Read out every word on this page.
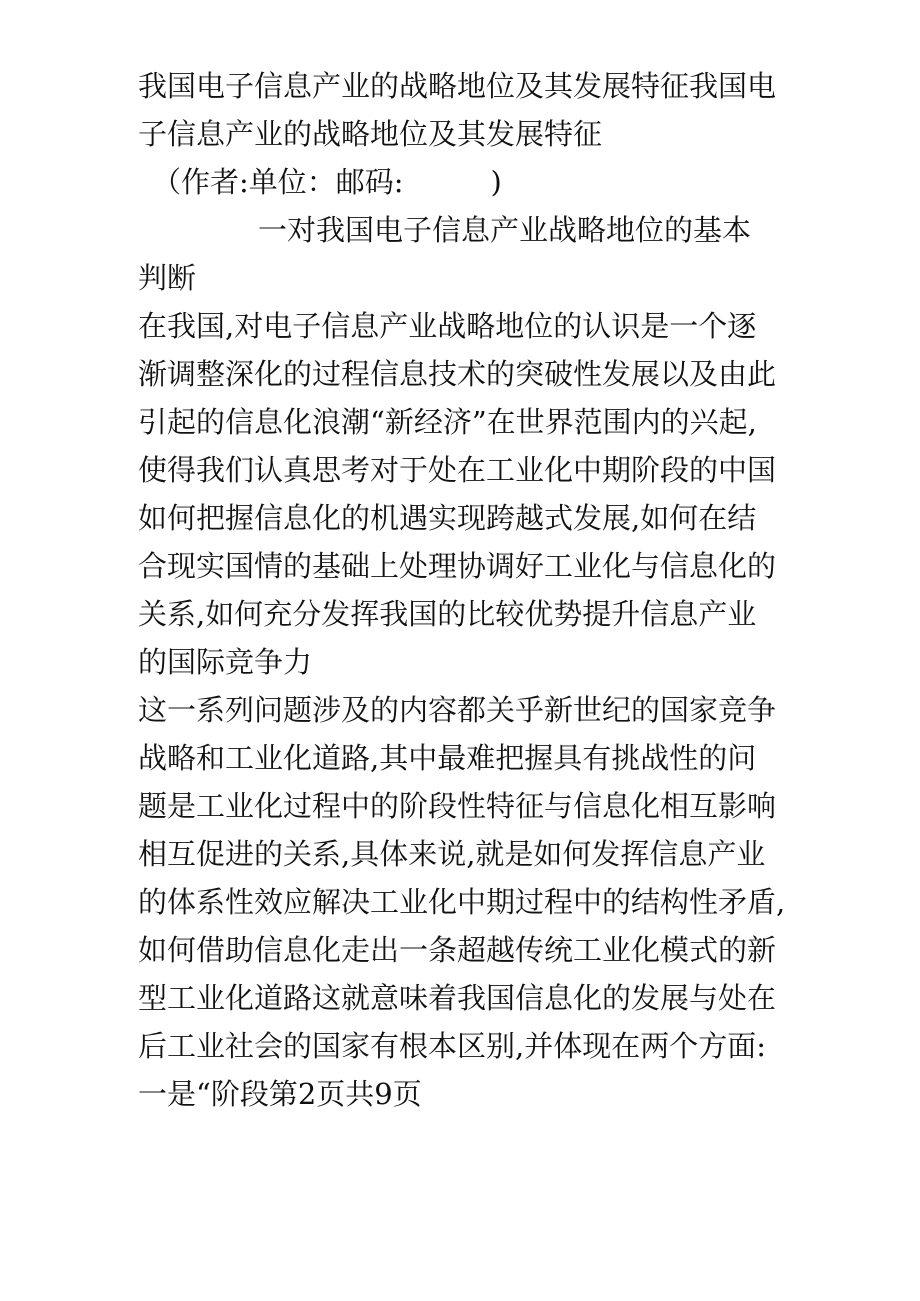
我国电子信息产业的战略地位及其发展特征我国电
子信息产业的战略地位及其发展特征
（作者:单位：邮码:　　　)
一对我国电子信息产业战略地位的基本
判断
在我国,对电子信息产业战略地位的认识是一个逐
渐调整深化的过程信息技术的突破性发展以及由此
引起的信息化浪潮“新经济”在世界范围内的兴起,
使得我们认真思考对于处在工业化中期阶段的中国
如何把握信息化的机遇实现跨越式发展,如何在结
合现实国情的基础上处理协调好工业化与信息化的
关系,如何充分发挥我国的比较优势提升信息产业
的国际竞争力
这一系列问题涉及的内容都关乎新世纪的国家竞争
战略和工业化道路,其中最难把握具有挑战性的问
题是工业化过程中的阶段性特征与信息化相互影响
相互促进的关系,具体来说,就是如何发挥信息产业
的体系性效应解决工业化中期过程中的结构性矛盾,
如何借助信息化走出一条超越传统工业化模式的新
型工业化道路这就意味着我国信息化的发展与处在
后工业社会的国家有根本区别,并体现在两个方面:
一是“阶段第2页共9页
